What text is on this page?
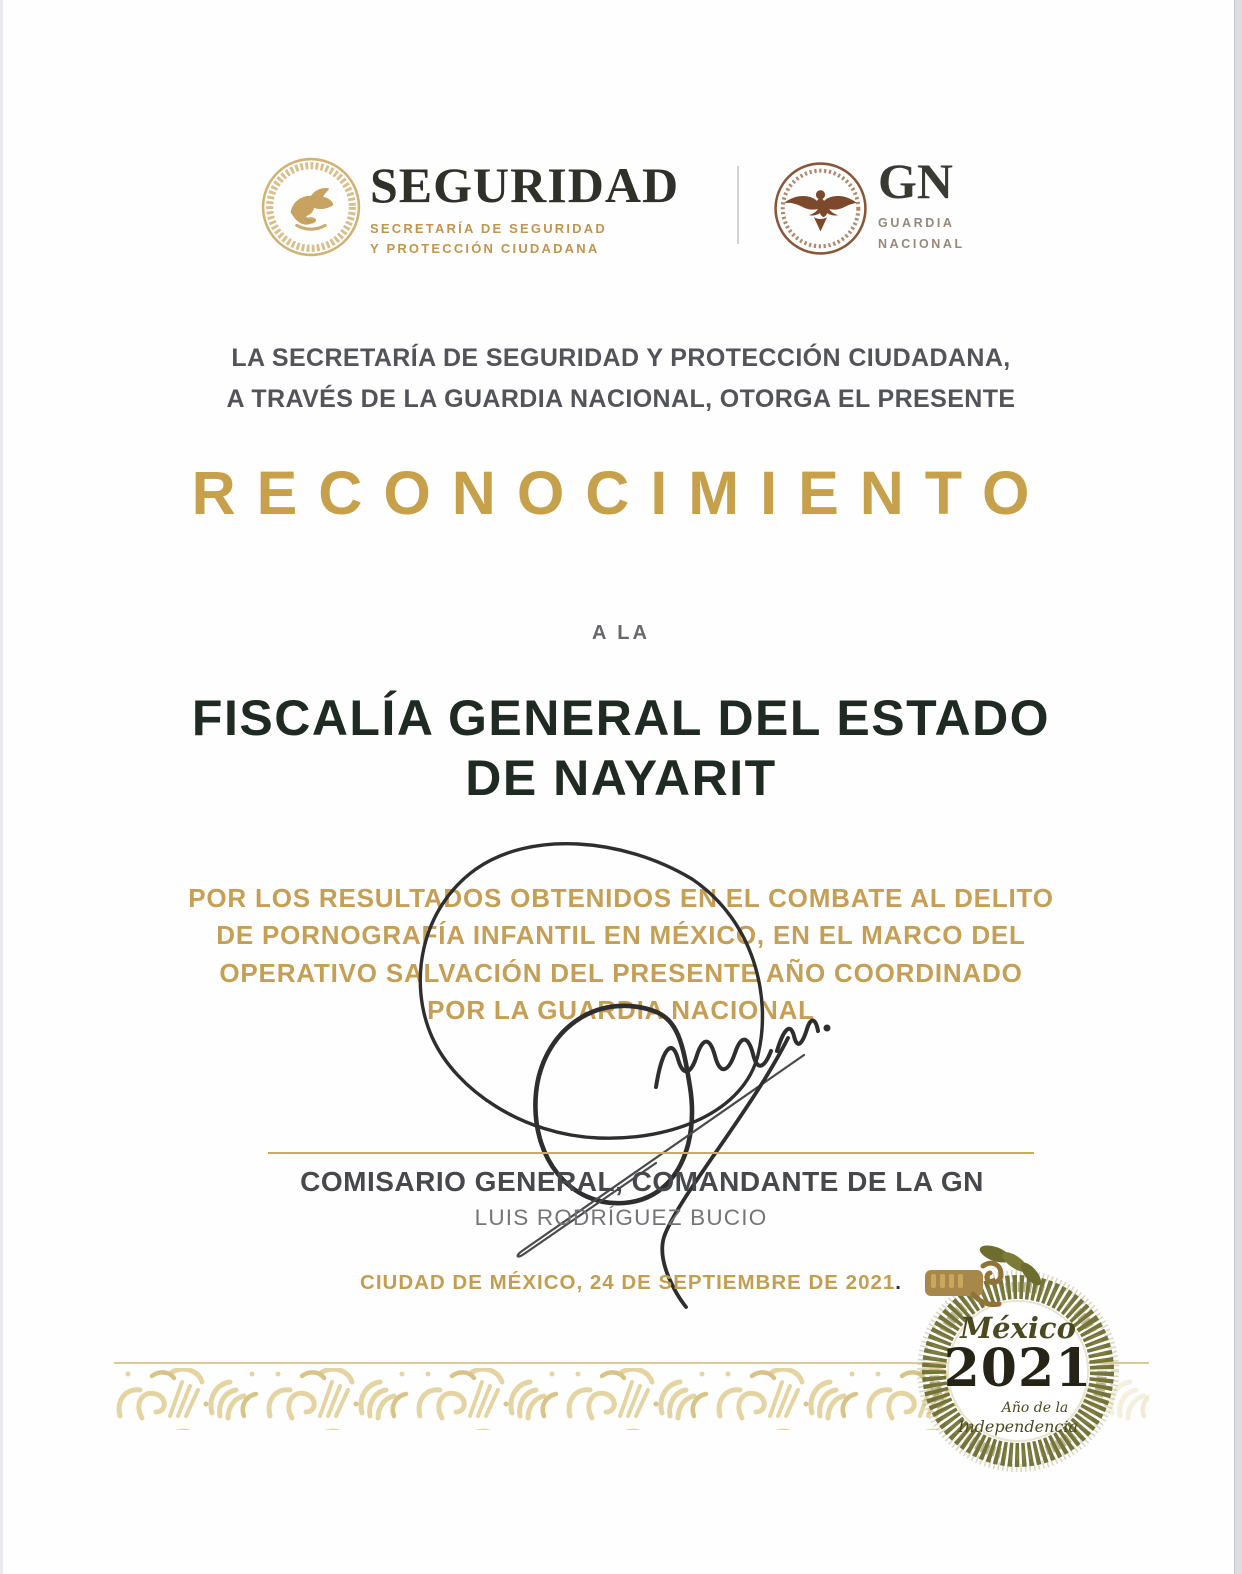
SEGURIDAD
SECRETARÍA DE SEGURIDAD
Y PROTECCIÓN CIUDADANA
GN
GUARDIA
NACIONAL
LA SECRETARÍA DE SEGURIDAD Y PROTECCIÓN CIUDADANA,
A TRAVÉS DE LA GUARDIA NACIONAL, OTORGA EL PRESENTE
RECONOCIMIENTO
A LA
FISCALÍA GENERAL DEL ESTADO
DE NAYARIT
POR LOS RESULTADOS OBTENIDOS EN EL COMBATE AL DELITO
DE PORNOGRAFÍA INFANTIL EN MÉXICO, EN EL MARCO DEL
OPERATIVO SALVACIÓN DEL PRESENTE AÑO COORDINADO
POR LA GUARDIA NACIONAL
COMISARIO GENERAL, COMANDANTE DE LA GN
LUIS RODRÍGUEZ BUCIO
CIUDAD DE MÉXICO, 24 DE SEPTIEMBRE DE 2021.
México
2021
Año de la
Independencia
